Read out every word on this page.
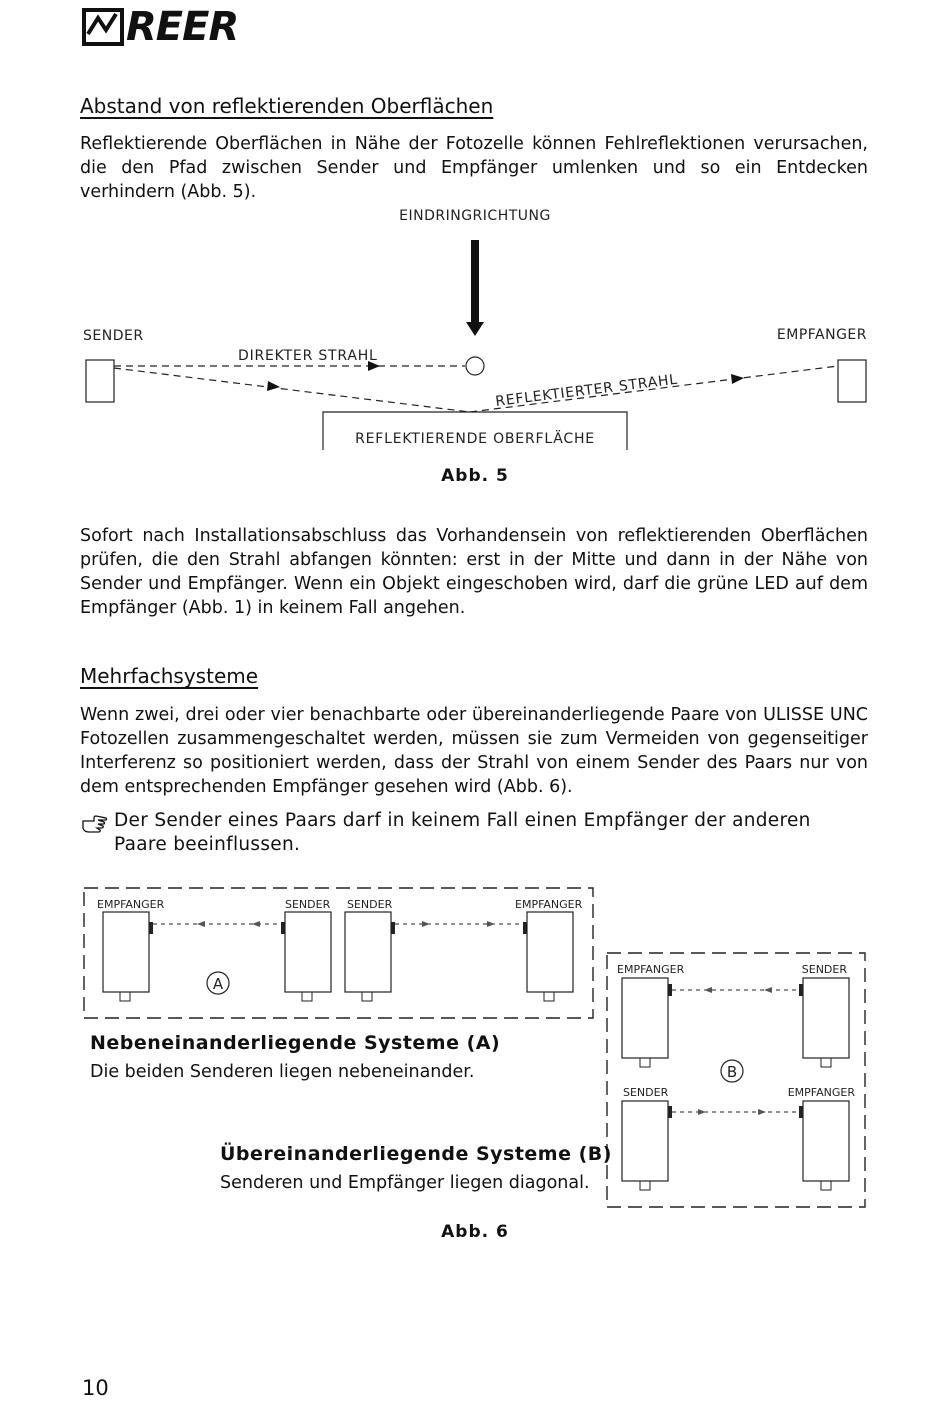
REER
Abstand von reflektierenden Oberflächen
Reflektierende Oberflächen in Nähe der Fotozelle können Fehlreflektionen verursachen, die den Pfad zwischen Sender und Empfänger umlenken und so ein Entdecken verhindern (Abb. 5).
EINDRINGRICHTUNG
SENDER	EMPFANGER
DIREKTER STRAHL
REFLEKTIERTER STRAHL
REFLEKTIERENDE OBERFLÄCHE
Abb. 5
Sofort nach Installationsabschluss das Vorhandensein von reflektierenden Oberflächen prüfen, die den Strahl abfangen könnten: erst in der Mitte und dann in der Nähe von Sender und Empfänger. Wenn ein Objekt eingeschoben wird, darf die grüne LED auf dem Empfänger (Abb. 1) in keinem Fall angehen.
Mehrfachsysteme
Wenn zwei, drei oder vier benachbarte oder übereinanderliegende Paare von ULISSE UNC Fotozellen zusammengeschaltet werden, müssen sie zum Vermeiden von gegenseitiger Interferenz so positioniert werden, dass der Strahl von einem Sender des Paars nur von dem entsprechenden Empfänger gesehen wird (Abb. 6).
Der Sender eines Paars darf in keinem Fall einen Empfänger der anderen Paare beeinflussen.
EMPFANGER	SENDER SENDER	EMPFANGER
A
EMPFANGER	SENDER
SENDER	EMPFANGER
B
Nebeneinanderliegende Systeme (A)
Die beiden Senderen liegen nebeneinander.
Übereinanderliegende Systeme (B)
Senderen und Empfänger liegen diagonal.
Abb. 6
10
